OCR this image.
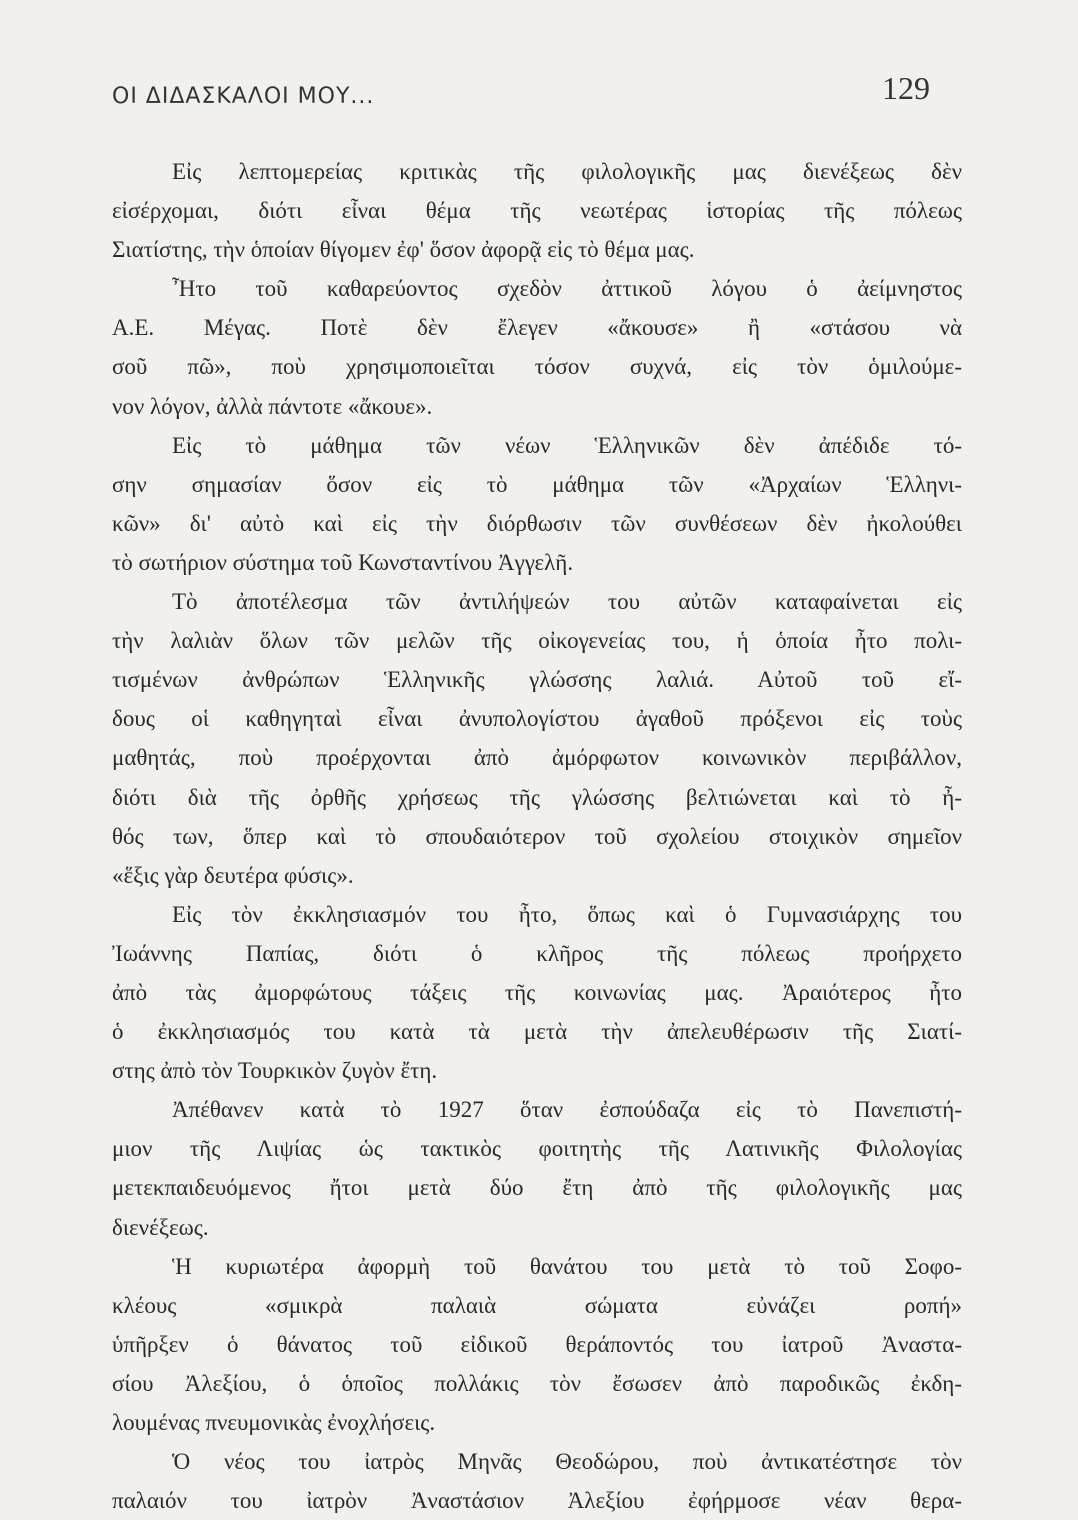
ΟΙ ΔΙΔΑΣΚΑΛΟΙ ΜΟΥ...	129
Εἰς λεπτομερείας κριτικὰς τῆς φιλολογικῆς μας διενέξεως δὲν
εἰσέρχομαι, διότι εἶναι θέμα τῆς νεωτέρας ἱστορίας τῆς πόλεως
Σιατίστης, τὴν ὁποίαν θίγομεν ἐφ' ὅσον ἀφορᾷ εἰς τὸ θέμα μας.
Ἦτο τοῦ καθαρεύοντος σχεδὸν ἀττικοῦ λόγου ὁ ἀείμνηστος
Α.Ε. Μέγας. Ποτὲ δὲν ἔλεγεν «ἄκουσε» ἢ «στάσου νὰ
σοῦ πῶ», ποὺ χρησιμοποιεῖται τόσον συχνά, εἰς τὸν ὁμιλούμε-
νον λόγον, ἀλλὰ πάντοτε «ἄκουε».
Εἰς τὸ μάθημα τῶν νέων Ἑλληνικῶν δὲν ἀπέδιδε τό-
σην σημασίαν ὅσον εἰς τὸ μάθημα τῶν «Ἀρχαίων Ἑλληνι-
κῶν» δι' αὐτὸ καὶ εἰς τὴν διόρθωσιν τῶν συνθέσεων δὲν ἠκολούθει
τὸ σωτήριον σύστημα τοῦ Κωνσταντίνου Ἀγγελῆ.
Τὸ ἀποτέλεσμα τῶν ἀντιλήψεών του αὐτῶν καταφαίνεται εἰς
τὴν λαλιὰν ὅλων τῶν μελῶν τῆς οἰκογενείας του, ἡ ὁποία ἦτο πολι-
τισμένων ἀνθρώπων Ἑλληνικῆς γλώσσης λαλιά. Αὐτοῦ τοῦ εἴ-
δους οἱ καθηγηταὶ εἶναι ἀνυπολογίστου ἀγαθοῦ πρόξενοι εἰς τοὺς
μαθητάς, ποὺ προέρχονται ἀπὸ ἀμόρφωτον κοινωνικὸν περιβάλλον,
διότι διὰ τῆς ὀρθῆς χρήσεως τῆς γλώσσης βελτιώνεται καὶ τὸ ἦ-
θός των, ὅπερ καὶ τὸ σπουδαιότερον τοῦ σχολείου στοιχικὸν σημεῖον
«ἕξις γὰρ δευτέρα φύσις».
Εἰς τὸν ἐκκλησιασμόν του ἦτο, ὅπως καὶ ὁ Γυμνασιάρχης του
Ἰωάννης Παπίας, διότι ὁ κλῆρος τῆς πόλεως προήρχετο
ἀπὸ τὰς ἀμορφώτους τάξεις τῆς κοινωνίας μας. Ἀραιότερος ἦτο
ὁ ἐκκλησιασμός του κατὰ τὰ μετὰ τὴν ἀπελευθέρωσιν τῆς Σιατί-
στης ἀπὸ τὸν Τουρκικὸν ζυγὸν ἔτη.
Ἀπέθανεν κατὰ τὸ 1927 ὅταν ἐσπούδαζα εἰς τὸ Πανεπιστή-
μιον τῆς Λιψίας ὡς τακτικὸς φοιτητὴς τῆς Λατινικῆς Φιλολογίας
μετεκπαιδευόμενος ἤτοι μετὰ δύο ἔτη ἀπὸ τῆς φιλολογικῆς μας
διενέξεως.
Ἡ κυριωτέρα ἀφορμὴ τοῦ θανάτου του μετὰ τὸ τοῦ Σοφο-
κλέους «σμικρὰ παλαιὰ σώματα εὐνάζει ροπή»
ὑπῆρξεν ὁ θάνατος τοῦ εἰδικοῦ θεράποντός του ἰατροῦ Ἀναστα-
σίου Ἀλεξίου, ὁ ὁποῖος πολλάκις τὸν ἔσωσεν ἀπὸ παροδικῶς ἐκδη-
λουμένας πνευμονικὰς ἐνοχλήσεις.
Ὁ νέος του ἰατρὸς Μηνᾶς Θεοδώρου, ποὺ ἀντικατέστησε τὸν
παλαιόν του ἰατρὸν Ἀναστάσιον Ἀλεξίου ἐφήρμοσε νέαν θερα-
